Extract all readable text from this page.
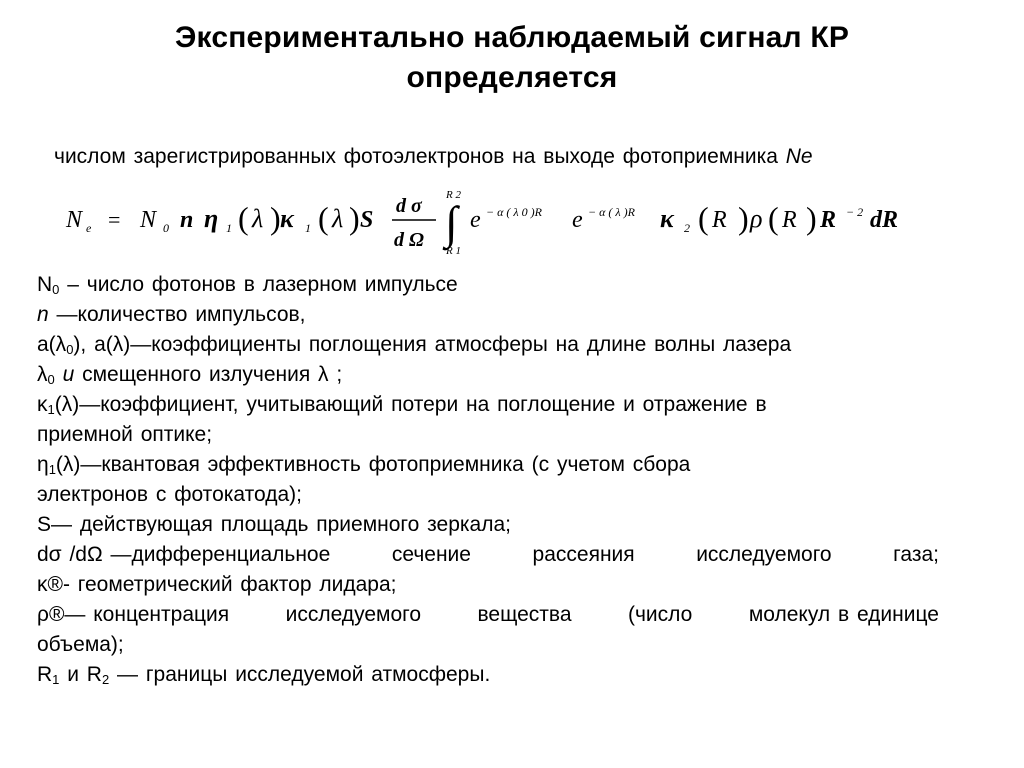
Экспериментально наблюдаемый сигнал КР
определяется
числом зарегистрированных фотоэлектронов на выходе фотоприемника Ne
N e = N 0 n η 1 ( λ ) κ 1 ( λ ) S
d σ
d Ω
R 2
∫
R 1
e − α ( λ 0 )R e − α ( λ )R κ 2 ( R ) ρ ( R ) R − 2 dR
$N_0$ – число фотонов в лазерном импульсе
n —количество импульсов,
$a(\lambda_0)$, a(λ)—коэффициенты поглощения атмосферы на длине волны лазера
$\lambda_0$ и смещенного излучения λ ;
$\kappa_1(\lambda)—коэффициент$, учитывающий потери на поглощение и отражение в
приемной оптике;
$\eta_1(\lambda)—квантовая$ эффективность фотоприемника (с учетом сбора
электронов с фотокатода);
S— действующая площадь приемного зеркала;
dσ /dΩ —дифференциальное	сечение	рассеяния	исследуемого	газа;
κ®- геометрический фактор лидара;
ρ®— концентрация	исследуемого	вещества	(число	молекул в единице
объема);
$R_1$ и $R_2$ — границы исследуемой атмосферы.
